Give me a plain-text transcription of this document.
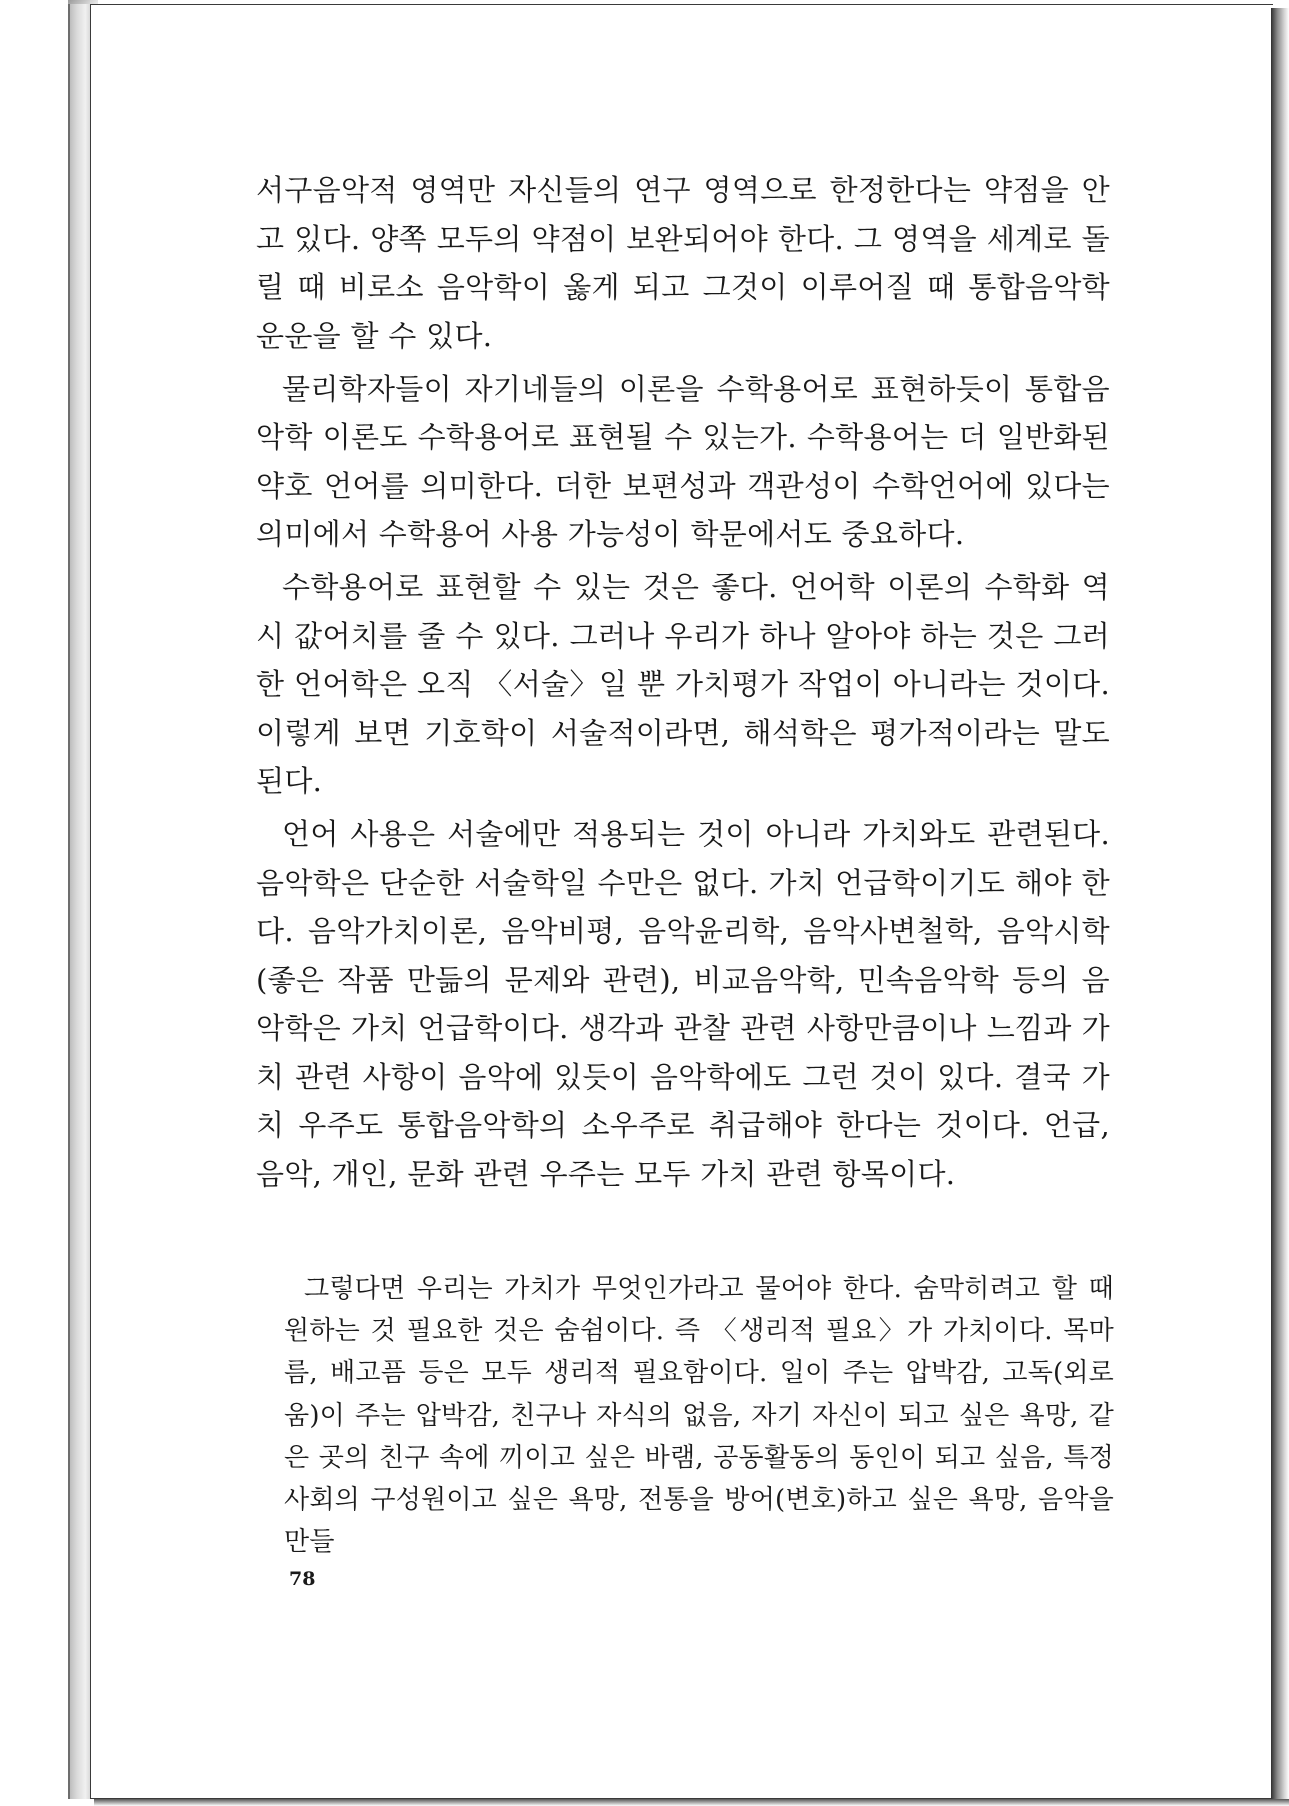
서구음악적 영역만 자신들의 연구 영역으로 한정한다는 약점을 안고 있다. 양쪽 모두의 약점이 보완되어야 한다. 그 영역을 세계로 돌릴 때 비로소 음악학이 옳게 되고 그것이 이루어질 때 통합음악학 운운을 할 수 있다.

물리학자들이 자기네들의 이론을 수학용어로 표현하듯이 통합음악학 이론도 수학용어로 표현될 수 있는가. 수학용어는 더 일반화된 약호 언어를 의미한다. 더한 보편성과 객관성이 수학언어에 있다는 의미에서 수학용어 사용 가능성이 학문에서도 중요하다.

수학용어로 표현할 수 있는 것은 좋다. 언어학 이론의 수학화 역시 값어치를 줄 수 있다. 그러나 우리가 하나 알아야 하는 것은 그러한 언어학은 오직 〈서술〉일 뿐 가치평가 작업이 아니라는 것이다. 이렇게 보면 기호학이 서술적이라면, 해석학은 평가적이라는 말도 된다.

언어 사용은 서술에만 적용되는 것이 아니라 가치와도 관련된다. 음악학은 단순한 서술학일 수만은 없다. 가치 언급학이기도 해야 한다. 음악가치이론, 음악비평, 음악윤리학, 음악사변철학, 음악시학(좋은 작품 만듦의 문제와 관련), 비교음악학, 민속음악학 등의 음악학은 가치 언급학이다. 생각과 관찰 관련 사항만큼이나 느낌과 가치 관련 사항이 음악에 있듯이 음악학에도 그런 것이 있다. 결국 가치 우주도 통합음악학의 소우주로 취급해야 한다는 것이다. 언급, 음악, 개인, 문화 관련 우주는 모두 가치 관련 항목이다.

그렇다면 우리는 가치가 무엇인가라고 물어야 한다. 숨막히려고 할 때 원하는 것 필요한 것은 숨쉼이다. 즉 〈생리적 필요〉가 가치이다. 목마름, 배고픔 등은 모두 생리적 필요함이다. 일이 주는 압박감, 고독(외로움)이 주는 압박감, 친구나 자식의 없음, 자기 자신이 되고 싶은 욕망, 같은 곳의 친구 속에 끼이고 싶은 바램, 공동활동의 동인이 되고 싶음, 특정 사회의 구성원이고 싶은 욕망, 전통을 방어(변호)하고 싶은 욕망, 음악을 만들

78
